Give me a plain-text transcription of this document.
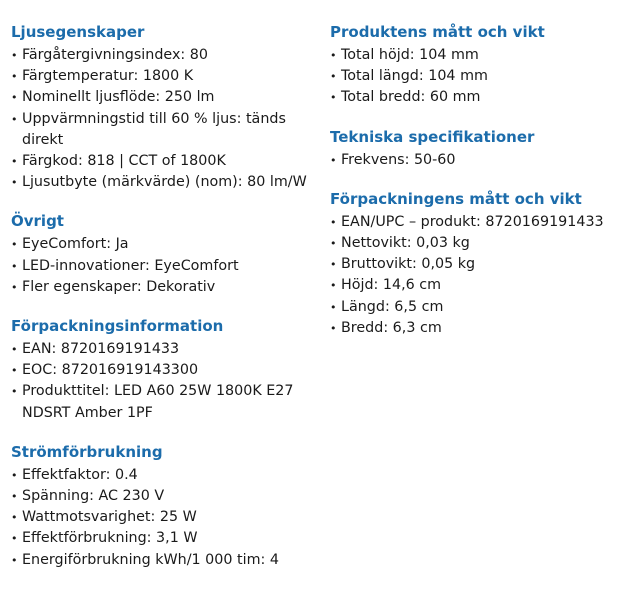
Ljusegenskaper
• Färgåtergivningsindex: 80
• Färgtemperatur: 1800 K
• Nominellt ljusflöde: 250 lm
• Uppvärmningstid till 60 % ljus: tänds direkt
• Färgkod: 818 | CCT of 1800K
• Ljusutbyte (märkvärde) (nom): 80 lm/W
Övrigt
• EyeComfort: Ja
• LED-innovationer: EyeComfort
• Fler egenskaper: Dekorativ
Förpackningsinformation
• EAN: 8720169191433
• EOC: 872016919143300
• Produkttitel: LED A60 25W 1800K E27 NDSRT Amber 1PF
Strömförbrukning
• Effektfaktor: 0.4
• Spänning: AC 230 V
• Wattmotsvarighet: 25 W
• Effektförbrukning: 3,1 W
• Energiförbrukning kWh/1 000 tim: 4
Produktens mått och vikt
• Total höjd: 104 mm
• Total längd: 104 mm
• Total bredd: 60 mm
Tekniska specifikationer
• Frekvens: 50-60
Förpackningens mått och vikt
• EAN/UPC – produkt: 8720169191433
• Nettovikt: 0,03 kg
• Bruttovikt: 0,05 kg
• Höjd: 14,6 cm
• Längd: 6,5 cm
• Bredd: 6,3 cm
